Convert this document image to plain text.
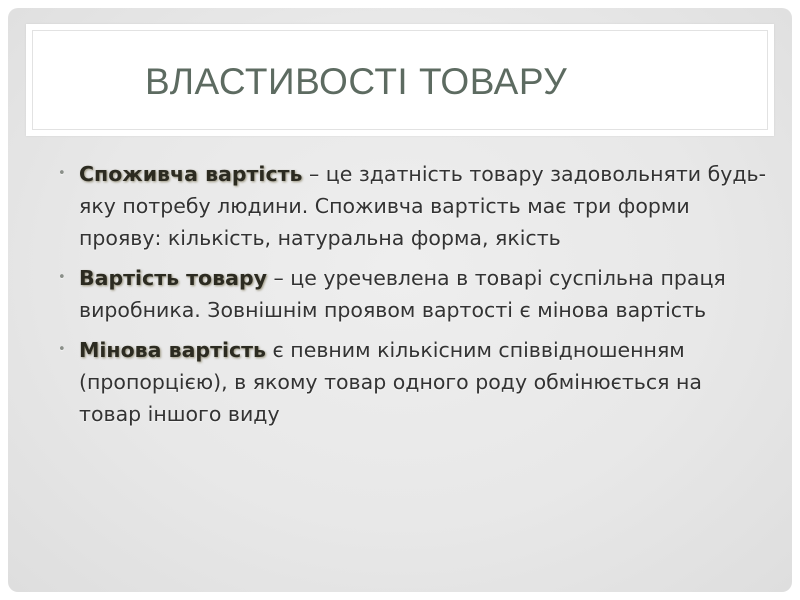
ВЛАСТИВОСТІ ТОВАРУ
• Споживча вартість – це здатність товару задовольняти будь-яку потребу людини. Споживча вартість має три форми прояву: кількість, натуральна форма, якість
• Вартість товару – це уречевлена в товарі суспільна праця виробника. Зовнішнім проявом вартості є мінова вартість
• Мінова вартість є певним кількісним співвідношенням (пропорцією), в якому товар одного роду обмінюється на товар іншого виду
